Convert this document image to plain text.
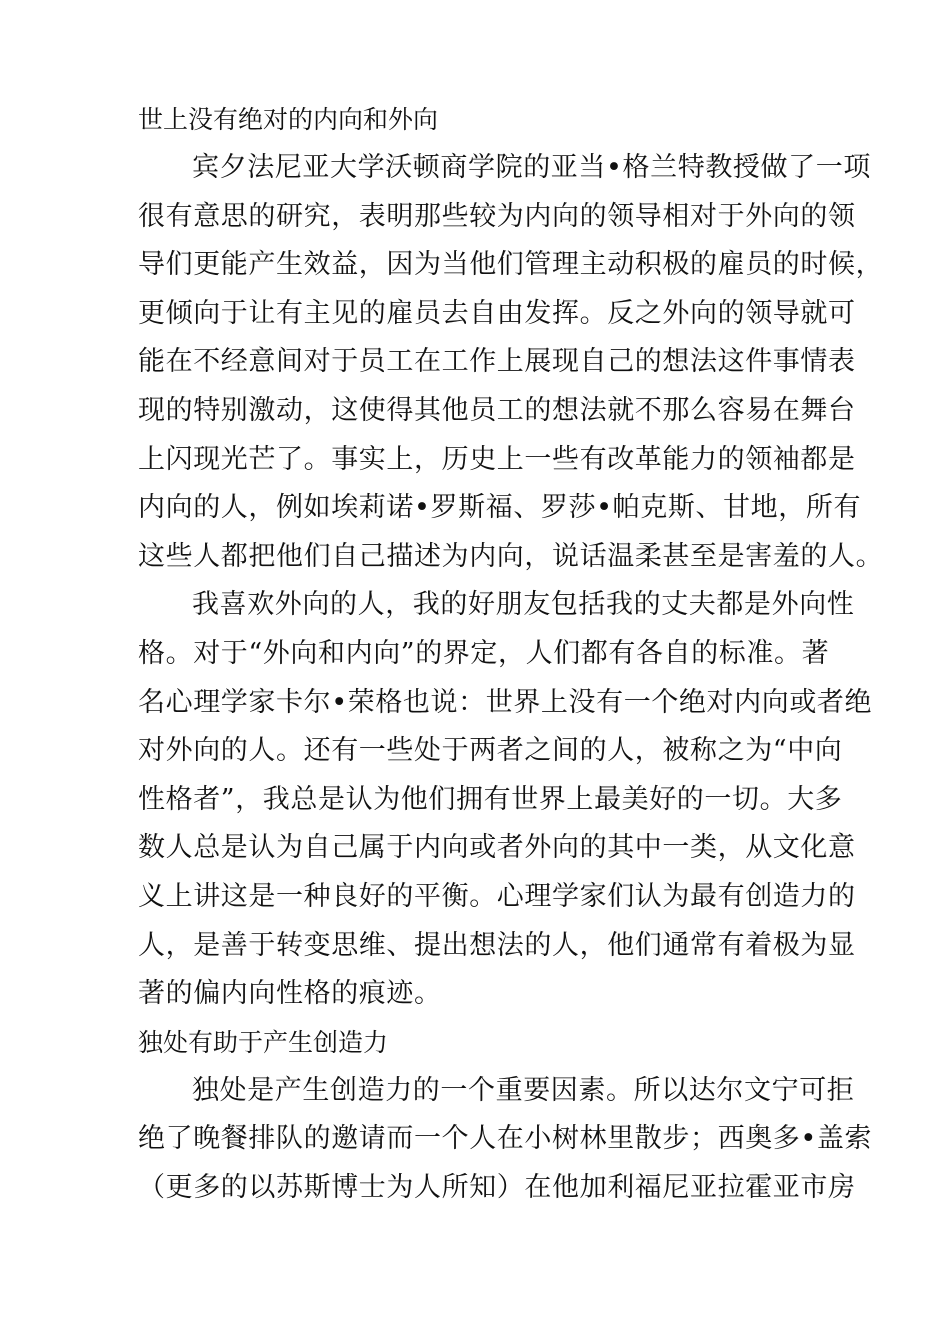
世上没有绝对的内向和外向

宾夕法尼亚大学沃顿商学院的亚当•格兰特教授做了一项
很有意思的研究，表明那些较为内向的领导相对于外向的领
导们更能产生效益，因为当他们管理主动积极的雇员的时候，
更倾向于让有主见的雇员去自由发挥。反之外向的领导就可
能在不经意间对于员工在工作上展现自己的想法这件事情表
现的特别激动，这使得其他员工的想法就不那么容易在舞台
上闪现光芒了。事实上，历史上一些有改革能力的领袖都是
内向的人，例如埃莉诺•罗斯福、罗莎•帕克斯、甘地，所有
这些人都把他们自己描述为内向，说话温柔甚至是害羞的人。

我喜欢外向的人，我的好朋友包括我的丈夫都是外向性
格。对于“外向和内向”的界定，人们都有各自的标准。著
名心理学家卡尔•荣格也说：世界上没有一个绝对内向或者绝
对外向的人。还有一些处于两者之间的人，被称之为“中向
性格者”，我总是认为他们拥有世界上最美好的一切。大多
数人总是认为自己属于内向或者外向的其中一类，从文化意
义上讲这是一种良好的平衡。心理学家们认为最有创造力的
人，是善于转变思维、提出想法的人，他们通常有着极为显
著的偏内向性格的痕迹。

独处有助于产生创造力

独处是产生创造力的一个重要因素。所以达尔文宁可拒
绝了晚餐排队的邀请而一个人在小树林里散步；西奥多•盖索
（更多的以苏斯博士为人所知）在他加利福尼亚拉霍亚市房
